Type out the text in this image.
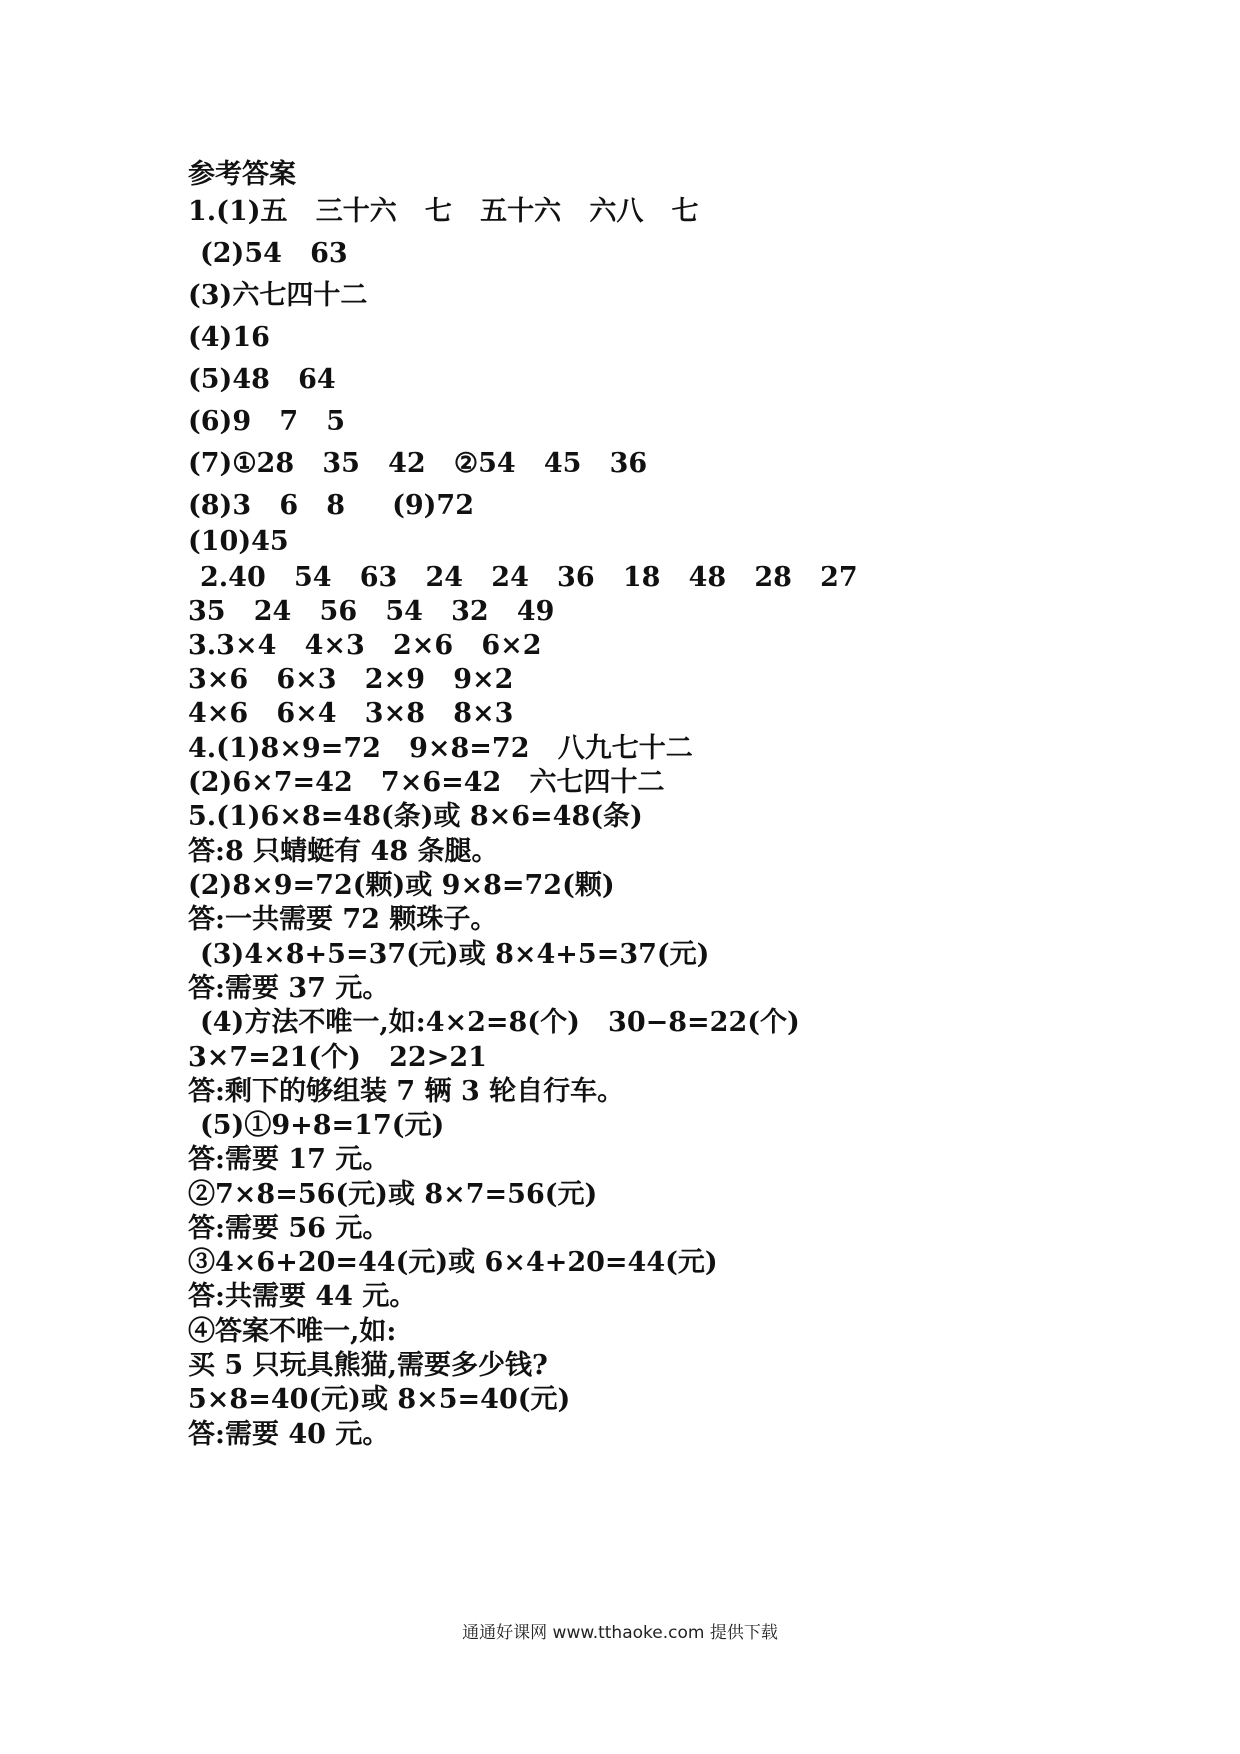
参考答案
1.(1)五   三十六   七   五十六   六八   七
(2)54   63
(3)六七四十二
(4)16
(5)48   64
(6)9   7   5
(7)①28   35   42   ②54   45   36
(8)3   6   8     (9)72
(10)45
2.40   54   63   24   24   36   18   48   28   27
35   24   56   54   32   49
3.3×4   4×3   2×6   6×2
3×6   6×3   2×9   9×2
4×6   6×4   3×8   8×3
4.(1)8×9=72   9×8=72   八九七十二
(2)6×7=42   7×6=42   六七四十二
5.(1)6×8=48(条)或 8×6=48(条)
答:8 只蜻蜓有 48 条腿。
(2)8×9=72(颗)或 9×8=72(颗)
答:一共需要 72 颗珠子。
(3)4×8+5=37(元)或 8×4+5=37(元)
答:需要 37 元。
(4)方法不唯一,如:4×2=8(个)   30−8=22(个)
3×7=21(个)   22>21
答:剩下的够组装 7 辆 3 轮自行车。
(5)①9+8=17(元)
答:需要 17 元。
②7×8=56(元)或 8×7=56(元)
答:需要 56 元。
③4×6+20=44(元)或 6×4+20=44(元)
答:共需要 44 元。
④答案不唯一,如:
买 5 只玩具熊猫,需要多少钱?
5×8=40(元)或 8×5=40(元)
答:需要 40 元。
通通好课网 www.tthaoke.com 提供下载
